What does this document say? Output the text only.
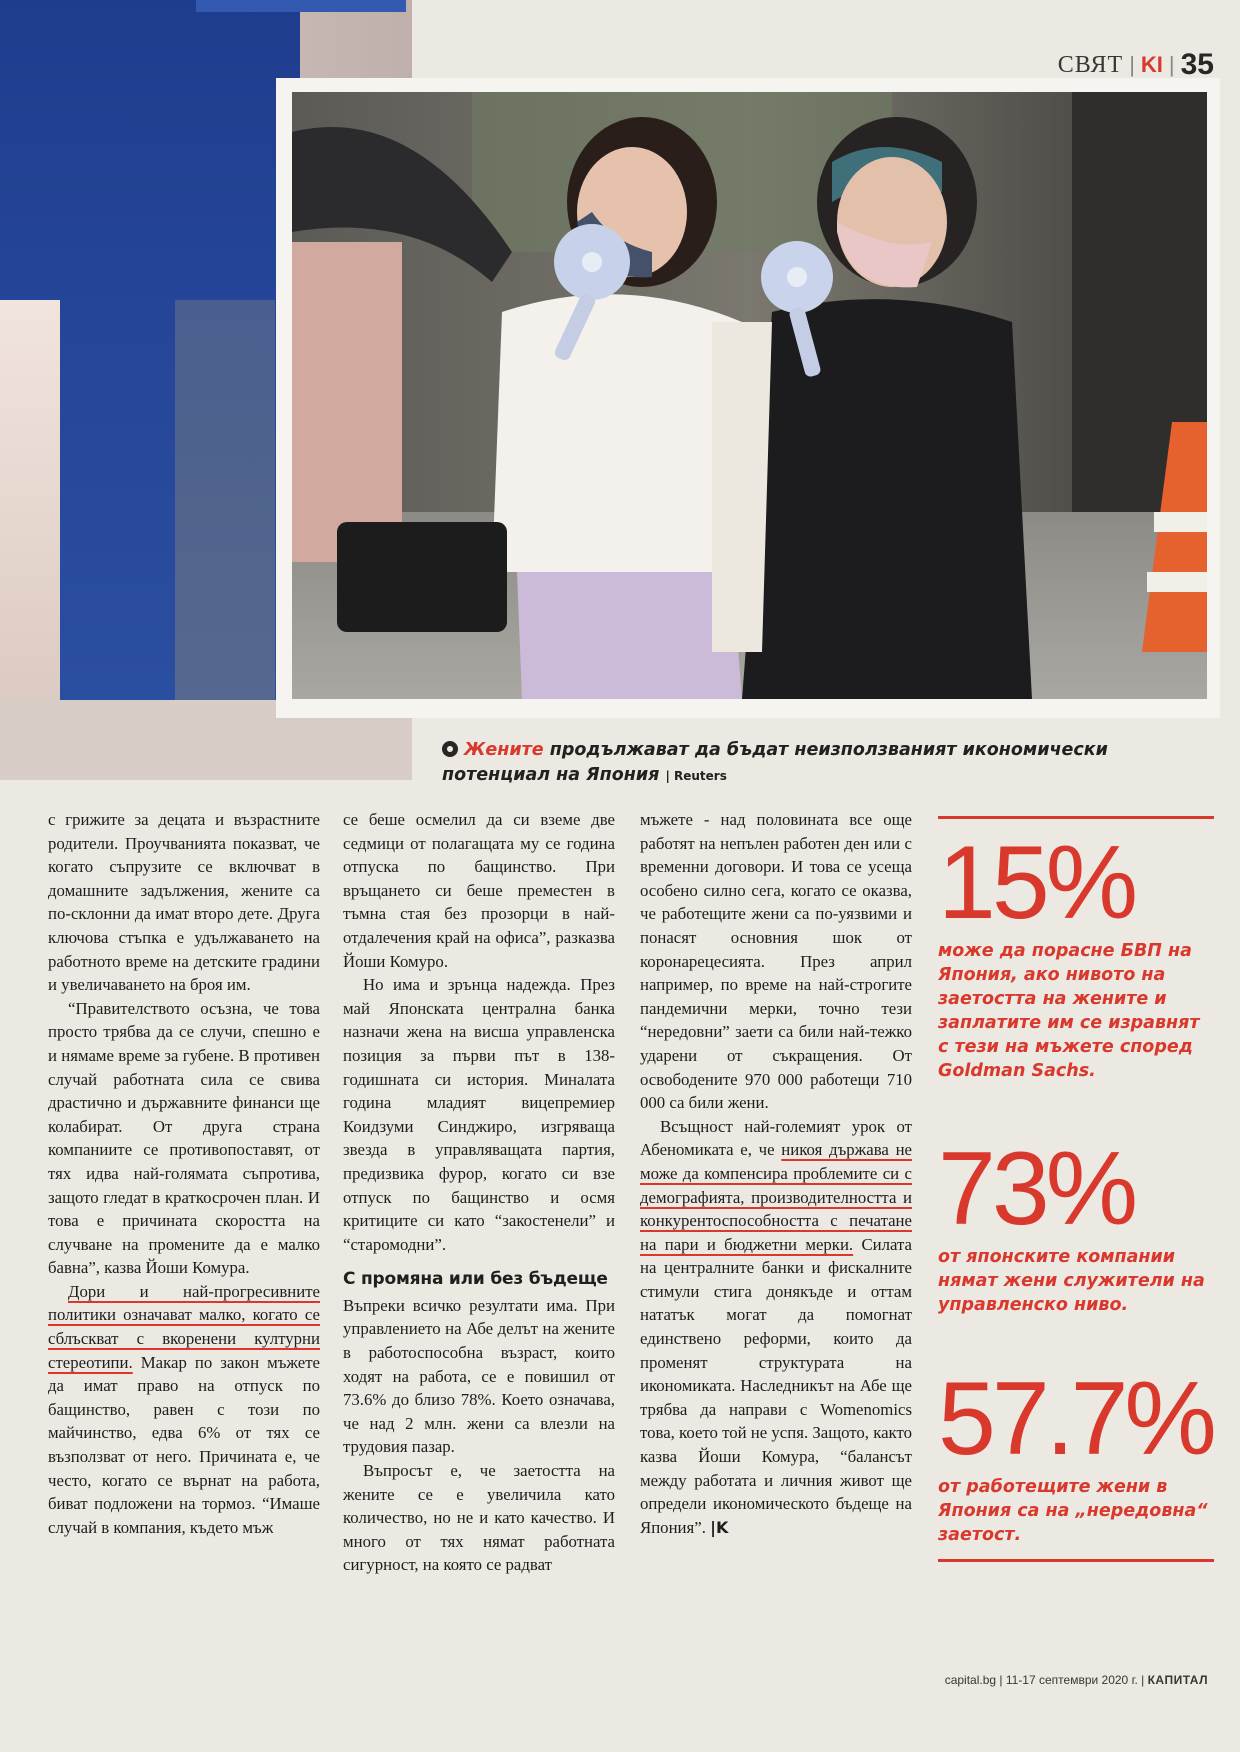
СВЯТ | KI | 35
Жените продължават да бъдат неизползваният икономически потенциал на Япония | Reuters

с грижите за децата и възрастните родители. Проучванията показват, че когато съпрузите се включват в домашните задължения, жените са по-склонни да имат второ дете. Друга ключова стъпка е удължаването на работното време на детските градини и увеличаването на броя им.

“Правителството осъзна, че това просто трябва да се случи, спешно е и нямаме време за губене. В противен случай работната сила се свива драстично и държавните финанси ще колабират. От друга страна компаниите се противопоставят, от тях идва най-голямата съпротива, защото гледат в краткосрочен план. И това е причината скоростта на случване на промените да е малко бавна”, казва Йоши Комура.

Дори и най-прогресивните политики означават малко, когато се сблъскват с вкоренени културни стереотипи. Макар по закон мъжете да имат право на отпуск по бащинство, равен с този по майчинство, едва 6% от тях се възползват от него. Причината е, че често, когато се върнат на работа, биват подложени на тормоз. “Имаше случай в компания, където мъж

се беше осмелил да си вземе две седмици от полагащата му се година отпуска по бащинство. При връщането си беше преместен в тъмна стая без прозорци в най-отдалечения край на офиса”, разказва Йоши Комуро.

Но има и зрънца надежда. През май Японската централна банка назначи жена на висша управленска позиция за първи път в 138-годишната си история. Миналата година младият вицепремиер Коидзуми Синджиро, изгряваща звезда в управляващата партия, предизвика фурор, когато си взе отпуск по бащинство и осмя критиците си като “закостенели” и “старомодни”.

С промяна или без бъдеще

Въпреки всичко резултати има. При управлението на Абе делът на жените в работоспособна възраст, които ходят на работа, се е повишил от 73.6% до близо 78%. Което означава, че над 2 млн. жени са влезли на трудовия пазар.

Въпросът е, че заетостта на жените се е увеличила като количество, но не и като качество. И много от тях нямат работната сигурност, на която се радват

мъжете - над половината все още работят на непълен работен ден или с временни договори. И това се усеща особено силно сега, когато се оказва, че работещите жени са по-уязвими и понасят основния шок от коронарецесията. През април например, по време на най-строгите пандемични мерки, точно тези “нередовни” заети са били най-тежко ударени от съкращения. От освободените 970 000 работещи 710 000 са били жени.

Всъщност най-големият урок от Абеномиката е, че никоя държава не може да компенсира проблемите си с демографията, производителността и конкурентоспособността с печатане на пари и бюджетни мерки. Силата на централните банки и фискалните стимули стига донякъде и оттам нататък могат да помогнат единствено реформи, които да променят структурата на икономиката. Наследникът на Абе ще трябва да направи с Womenomics това, което той не успя. Защото, както казва Йоши Комура, “балансът между работата и личния живот ще определи икономическото бъдеще на Япония”. |K

15%
може да порасне БВП на Япония, ако нивото на заетостта на жените и заплатите им се изравнят с тези на мъжете според Goldman Sachs.
73%
от японските компании нямат жени служители на управленско ниво.
57.7%
от работещите жени в Япония са на „нередовна“ заетост.
capital.bg | 11-17 септември 2020 г. | КАПИТАЛ
